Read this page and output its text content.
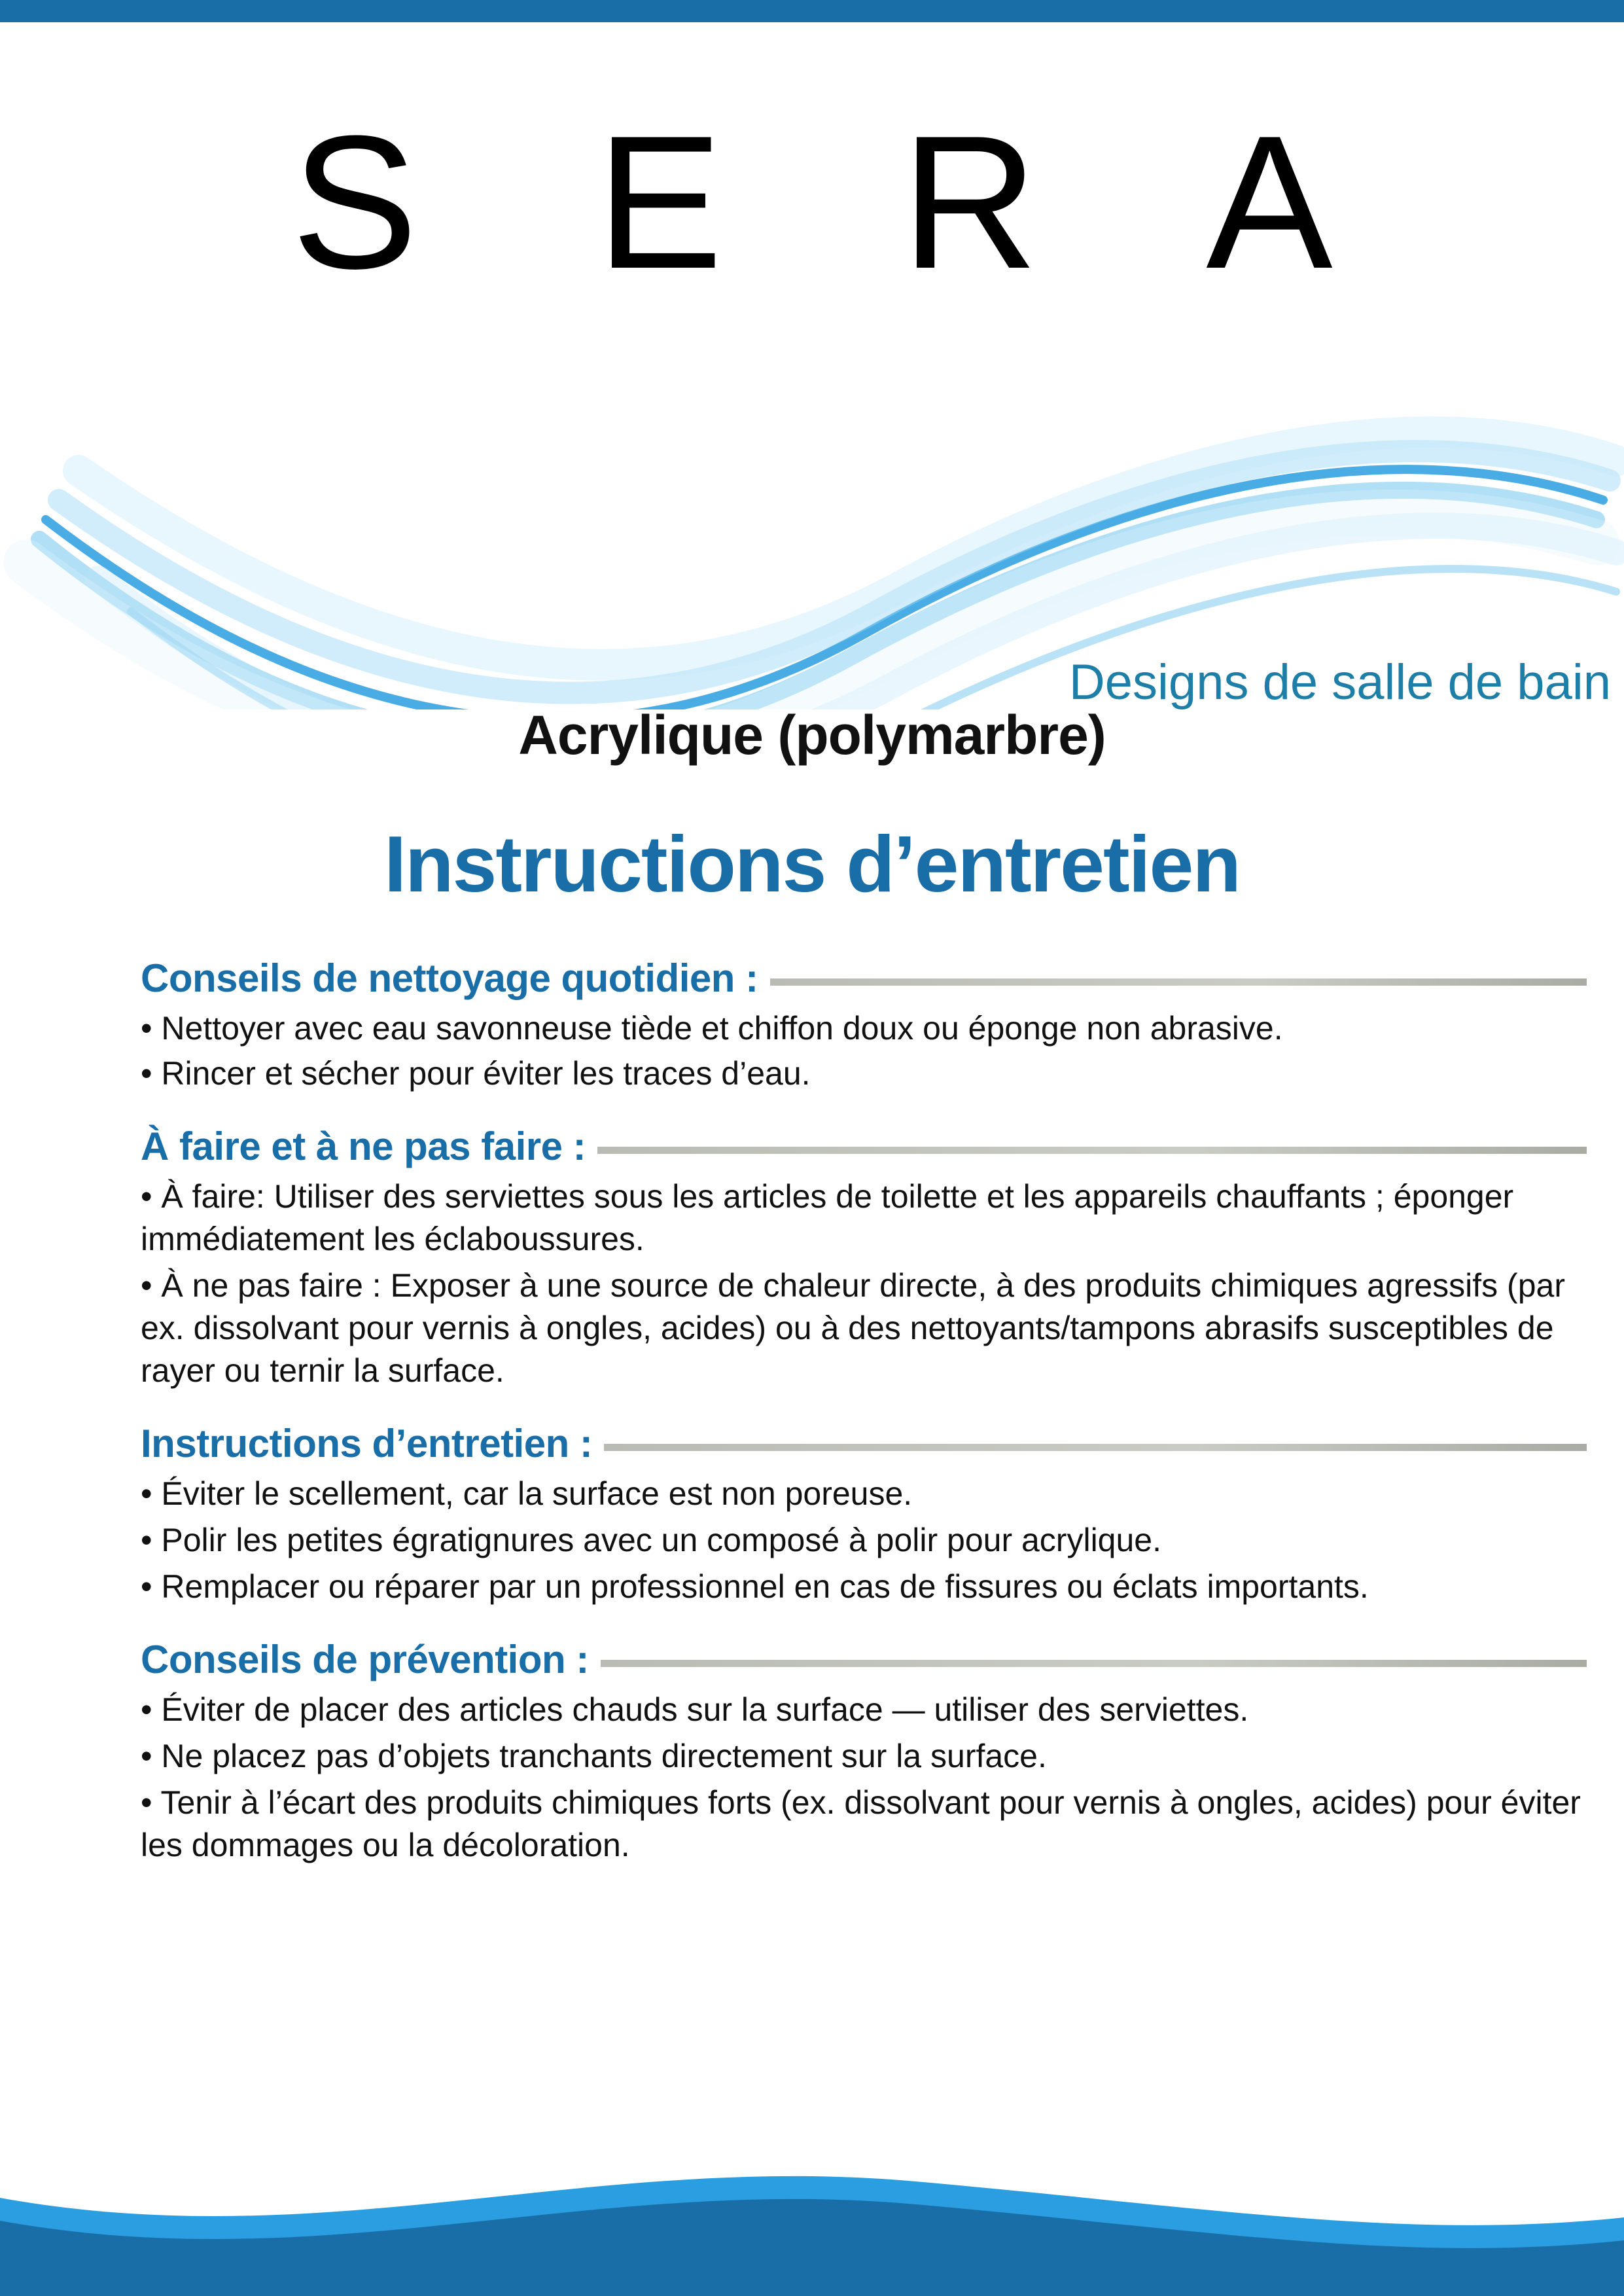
S E R A
Designs de salle de bain
Acrylique (polymarbre)
Instructions d’entretien
Conseils de nettoyage quotidien :

• Nettoyer avec eau savonneuse tiède et chiffon doux ou éponge non abrasive.

• Rincer et sécher pour éviter les traces d’eau.

À faire et à ne pas faire :

• À faire: Utiliser des serviettes sous les articles de toilette et les appareils chauffants ; éponger immédiatement les éclaboussures.

• À ne pas faire : Exposer à une source de chaleur directe, à des produits chimiques agressifs (par ex. dissolvant pour vernis à ongles, acides) ou à des nettoyants/tampons abrasifs susceptibles de rayer ou ternir la surface.

Instructions d’entretien :

• Éviter le scellement, car la surface est non poreuse.

• Polir les petites égratignures avec un composé à polir pour acrylique.

• Remplacer ou réparer par un professionnel en cas de fissures ou éclats importants.

Conseils de prévention :

• Éviter de placer des articles chauds sur la surface — utiliser des serviettes.

• Ne placez pas d’objets tranchants directement sur la surface.

• Tenir à l’écart des produits chimiques forts (ex. dissolvant pour vernis à ongles, acides) pour éviter les dommages ou la décoloration.
